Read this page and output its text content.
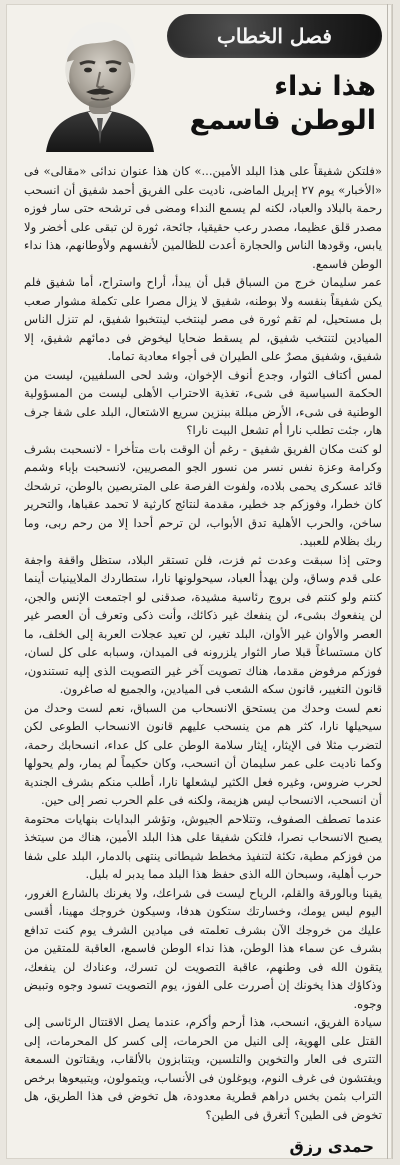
فصل الخطاب
هذا نداء
الوطن فاسمع

«فلتكن شفيقاً على هذا البلد الأمين...» كان هذا عنوان ندائى «مقالى» فى «الأخبار» يوم ٢٧ إبريل الماضى، ناديت على الفريق أحمد شفيق أن انسحب رحمة بالبلاد والعباد، لكنه لم يسمع النداء ومضى فى ترشحه حتى سار فوزه مصدر قلق عظيما، مصدر رعب حقيقيا، جائحة، ثورة لن تبقى على أخضر ولا يابس، وقودها الناس والحجارة أعدت للظالمين لأنفسهم ولأوطانهم، هذا نداء الوطن فاسمع.

عمر سليمان خرج من السباق قبل أن يبدأ، أراح واستراح، أما شفيق فلم يكن شفيقاً بنفسه ولا بوطنه، شفيق لا يزال مصرا على تكملة مشوار صعب بل مستحيل، لم تقم ثورة فى مصر لينتخب لينتخبوا شفيق، لم تنزل الناس الميادين لتنتخب شفيق، لم يسقط ضحايا ليخوض فى دمائهم شفيق، إلا شفيق، وشفيق مصرٌ على الطيران فى أجواء معادية تماما.

لمس أكتاف الثوار، وجدع أنوف الإخوان، وشد لحى السلفيين، ليست من الحكمة السياسية فى شىء، تغذية الاحتراب الأهلى ليست من المسؤولية الوطنية فى شىء، الأرض مبللة ببنزين سريع الاشتعال، البلد على شفا جرف هار، جئت تطلب نارا أم تشعل البيت نارا؟

لو كنت مكان الفريق شفيق - رغم أن الوقت بات متأخرا - لانسحبت بشرف وكرامة وعزة نفس نسر من نسور الجو المصريين، لانسحبت بإباء وشمم قائد عسكرى يحمى بلاده، ولفوت الفرصة على المتربصين بالوطن، ترشحك كان خطرا، وفوزكم جد خطير، مقدمة لنتائج كارثية لا تحمد عقباها، والتحرير ساخن، والحرب الأهلية تدق الأبواب، لن ترحم أحدا إلا من رحم ربى، وما ربك بظلام للعبيد.

وحتى إذا سبقت وعدت ثم فزت، فلن تستقر البلاد، ستظل واقفة واجفة على قدم وساق، ولن يهدأ العباد، سيحولونها نارا، ستطاردك الملايينيات أينما كنتم ولو كنتم فى بروج رئاسية مشيدة، صدقنى لو اجتمعت الإنس والجن، لن ينفعوك بشىء، لن ينفعك غير ذكائك، وأنت ذكى وتعرف أن العصر غير العصر والأوان غير الأوان، البلد تغير، لن تعيد عجلات العربة إلى الخلف، ما كان مستساغاً قبلا صار الثوار يلزرونه فى الميدان، وسبابه على كل لسان، فوزكم مرفوض مقدما، هناك تصويت آخر غير التصويت الذى إليه تستندون، قانون التغيير، قانون سكه الشعب فى الميادين، والجميع له صاغرون.

نعم لست وحدك من يستحق الانسحاب من السباق، نعم لست وحدك من سيحيلها نارا، كثر هم من ينسحب عليهم قانون الانسحاب الطوعى لكن لتضرب مثلا فى الإيثار، إيثار سلامة الوطن على كل عداء، انسحابك رحمة، وكما ناديت على عمر سليمان أن انسحب، وكان حكيماً لم يمار، ولم يحولها لحرب ضروس، وغيره فعل الكثير ليشعلها نارا، أطلب منكم بشرف الجندية أن انسحب، الانسحاب ليس هزيمة، ولكنه فى علم الحرب نصر إلى حين.

عندما تصطف الصفوف، وتتلاحم الجيوش، وتؤشر البدايات بنهايات محتومة يصبح الانسحاب نصرا، فلتكن شفيقا على هذا البلد الأمين، هناك من سيتخذ من فوزكم مطية، تكئة لتنفيذ مخطط شيطانى ينتهى بالدمار، البلد على شفا حرب أهلية، وسبحان الله الذى حفظ هذا البلد مما يدبر له بليل.

يقينا وبالورقة والقلم، الرياح ليست فى شراعك، ولا يغرنك بالشارع الغرور، اليوم ليس يومك، وخسارتك ستكون هدفا، وسيكون خروجك مهينا، أقسى عليك من خروجك الآن بشرف تعلمته فى ميادين الشرف يوم كنت تدافع بشرف عن سماء هذا الوطن، هذا نداء الوطن فاسمع، العاقبة للمتقين من يتقون الله فى وطنهم، عاقبة التصويت لن تسرك، وعنادك لن ينفعك، وذكاؤك هذا يخونك إن أصررت على الفوز، يوم التصويت تسود وجوه وتبيض وجوه.

سيادة الفريق، انسحب، هذا أرحم وأكرم، عندما يصل الاقتتال الرئاسى إلى القتل على الهوية، إلى النيل من الحرمات، إلى كسر كل المحرمات، إلى التترى فى العار والتخوين والتلسين، ويتنابزون بالألقاب، ويقتاتون السمعة ويفتشون فى غرف النوم، ويوغلون فى الأنساب، ويتمولون، ويتبيعوها برخص التراب بثمن بخس دراهم قطرية معدودة، هل تخوض فى هذا الطريق، هل تخوض فى الطين؟ أتغرق فى الطين؟

حمدى رزق
